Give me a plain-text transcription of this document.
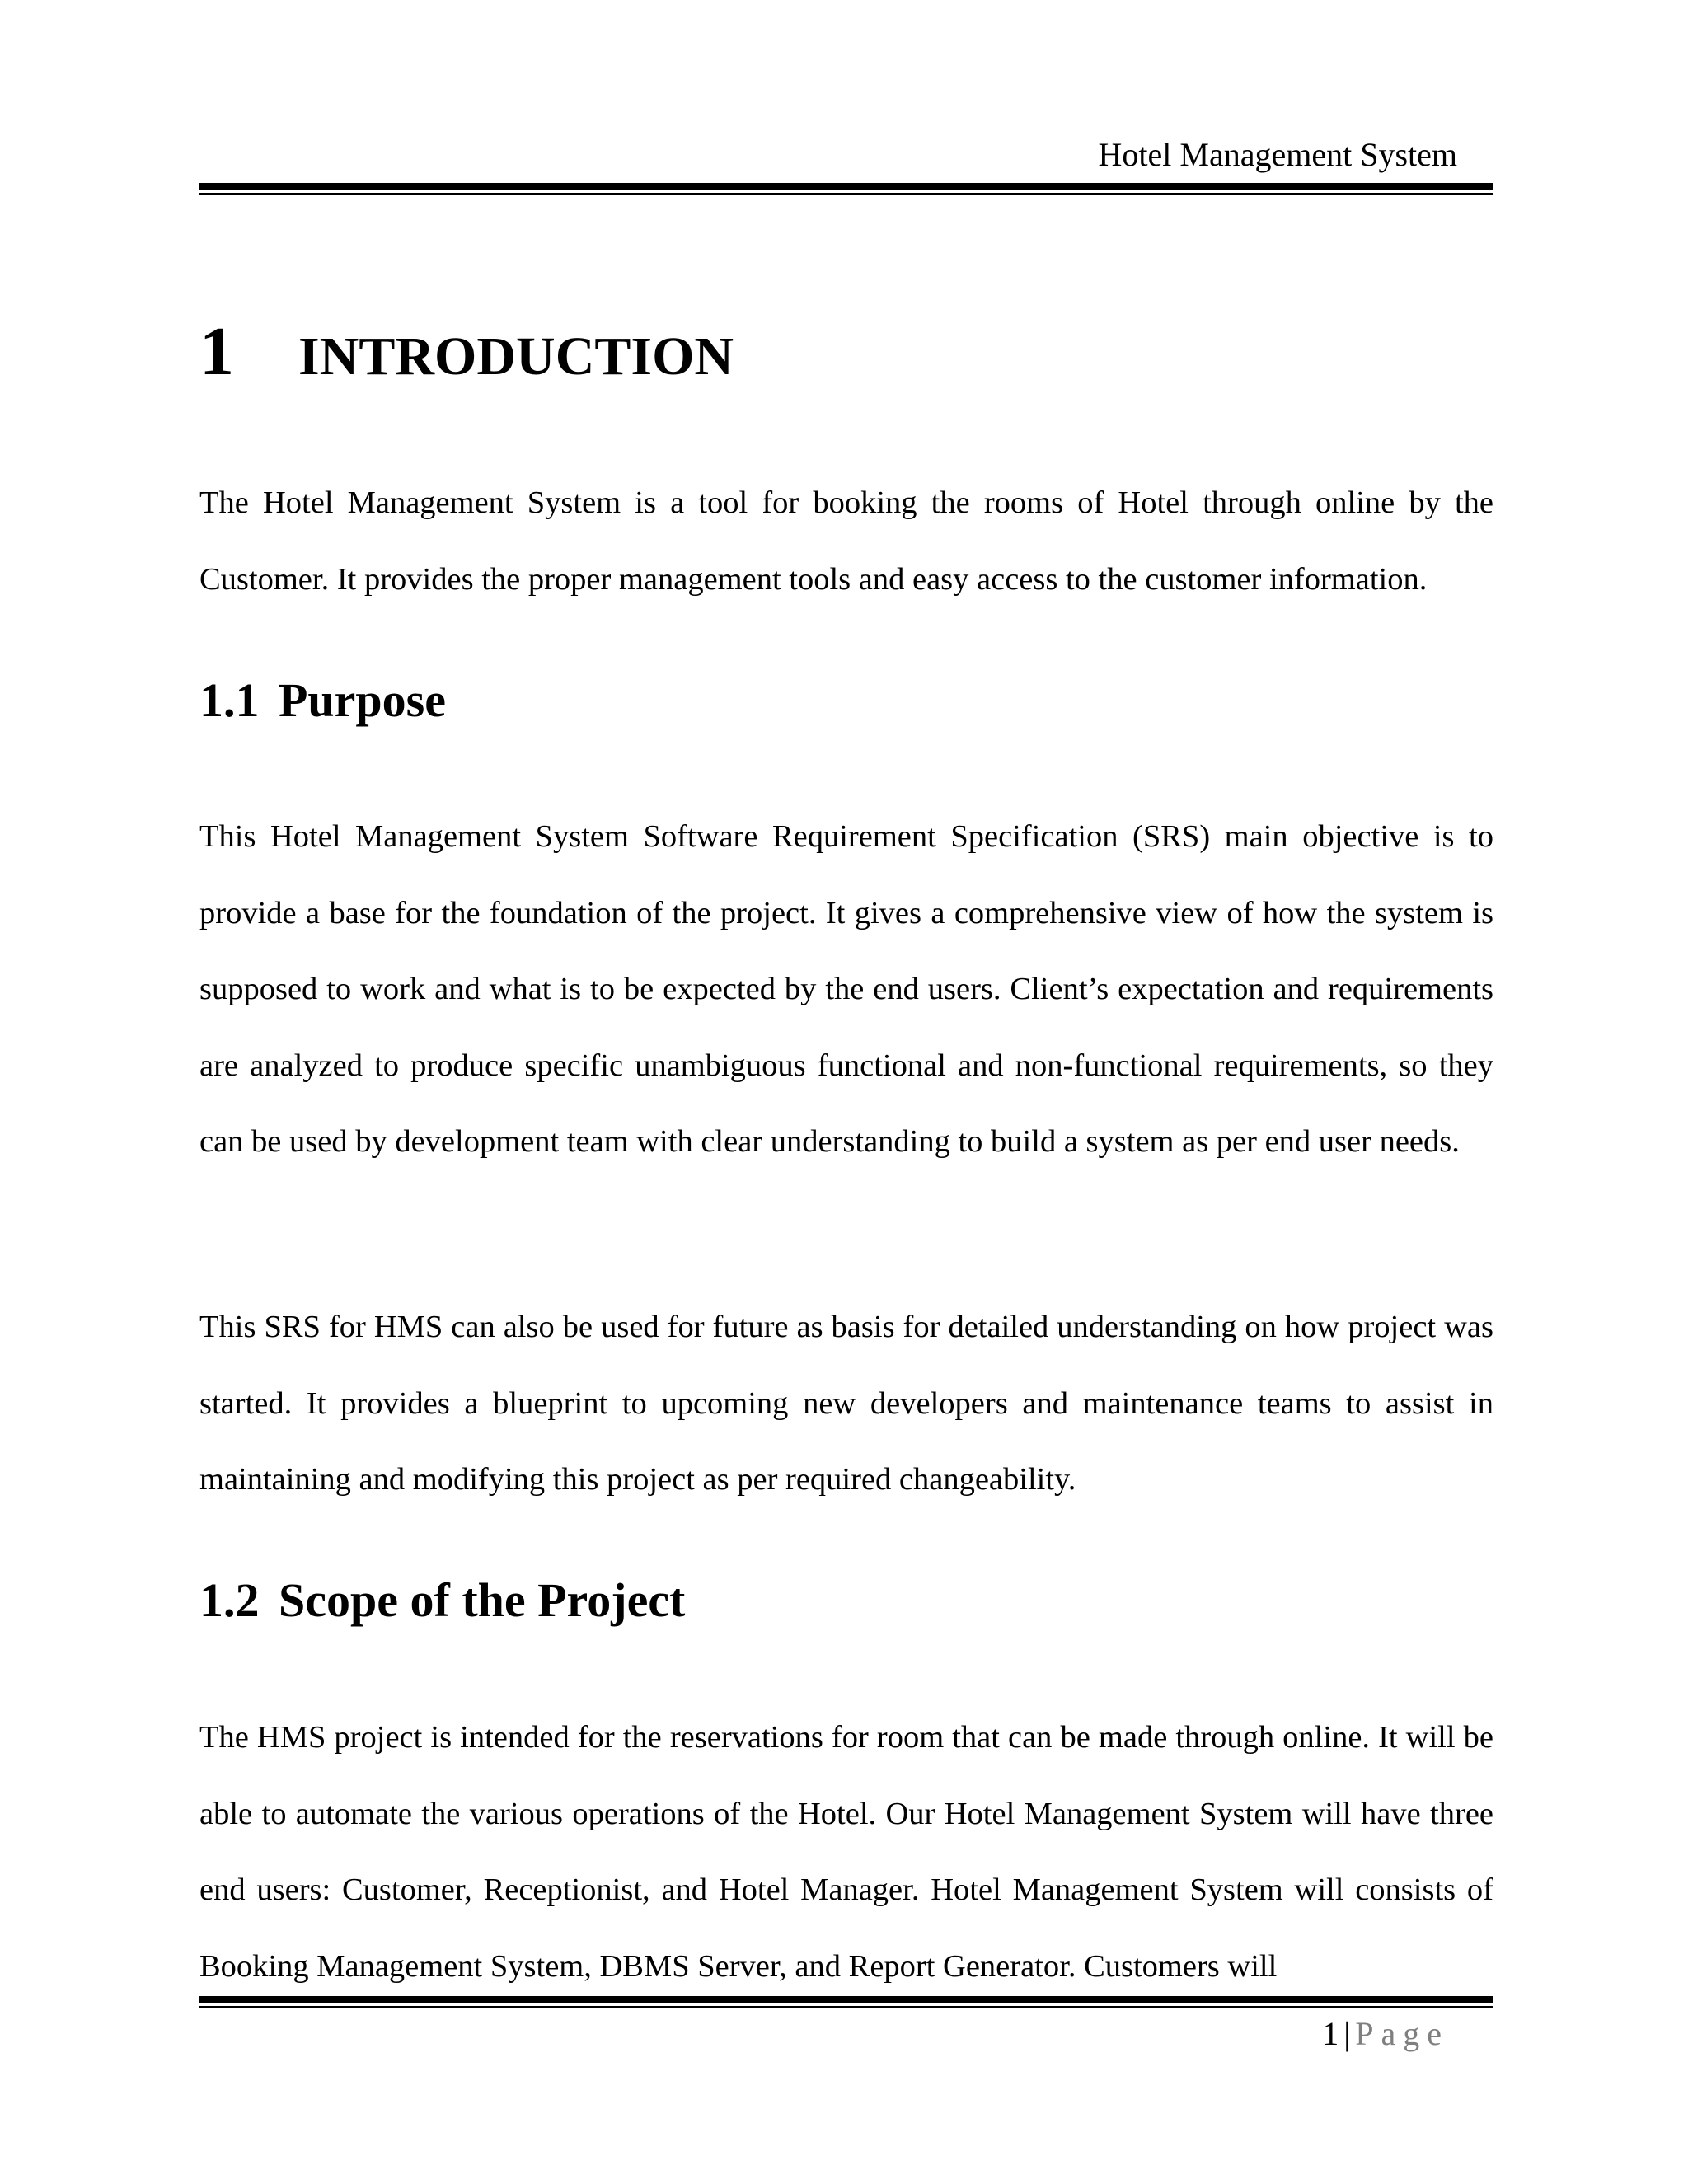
Hotel Management System
1 INTRODUCTION

The Hotel Management System is a tool for booking the rooms of Hotel through online by the Customer. It provides the proper management tools and easy access to the customer information.

1.1 Purpose

This Hotel Management System Software Requirement Specification (SRS) main objective is to provide a base for the foundation of the project. It gives a comprehensive view of how the system is supposed to work and what is to be expected by the end users. Client’s expectation and requirements are analyzed to produce specific unambiguous functional and non-functional requirements, so they can be used by development team with clear understanding to build a system as per end user needs.

This SRS for HMS can also be used for future as basis for detailed understanding on how project was started. It provides a blueprint to upcoming new developers and maintenance teams to assist in maintaining and modifying this project as per required changeability.

1.2 Scope of the Project

The HMS project is intended for the reservations for room that can be made through online. It will be able to automate the various operations of the Hotel. Our Hotel Management System will have three end users: Customer, Receptionist, and Hotel Manager. Hotel Management System will consists of Booking Management System, DBMS Server, and Report Generator. Customers will

1 | Page
